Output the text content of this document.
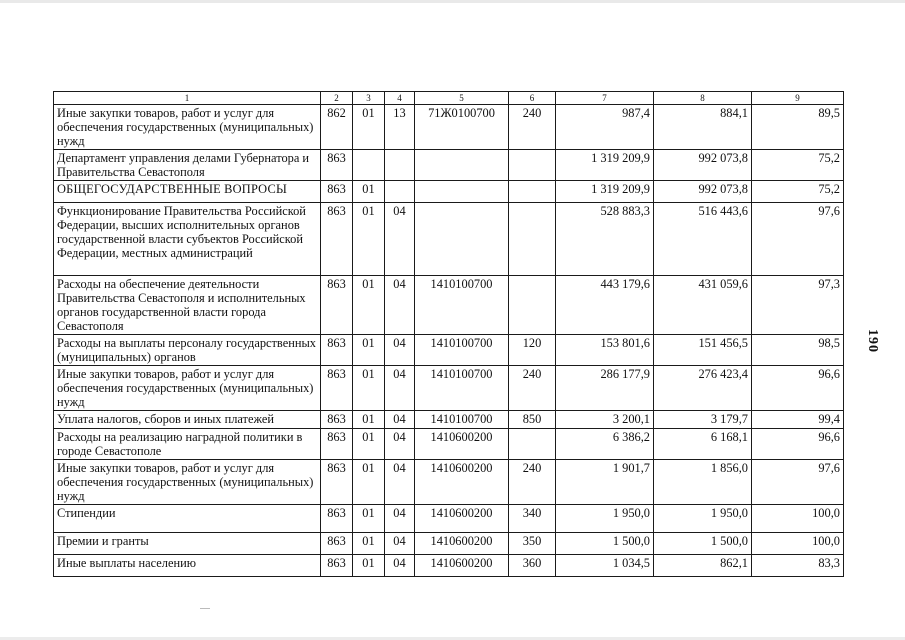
1	2	3	4	5	6	7	8	9
Иные закупки товаров, работ и услуг для обеспечения государственных (муниципальных) нужд	862	01	13	71Ж0100700	240	987,4	884,1	89,5
Департамент управления делами Губернатора и Правительства Севастополя	863					1 319 209,9	992 073,8	75,2
ОБЩЕГОСУДАРСТВЕННЫЕ ВОПРОСЫ	863	01				1 319 209,9	992 073,8	75,2
Функционирование Правительства Российской Федерации, высших исполнительных органов государственной власти субъектов Российской Федерации, местных администраций	863	01	04			528 883,3	516 443,6	97,6
Расходы на обеспечение деятельности Правительства Севастополя и исполнительных органов государственной власти города Севастополя	863	01	04	1410100700		443 179,6	431 059,6	97,3
Расходы на выплаты персоналу государственных (муниципальных) органов	863	01	04	1410100700	120	153 801,6	151 456,5	98,5
Иные закупки товаров, работ и услуг для обеспечения государственных (муниципальных) нужд	863	01	04	1410100700	240	286 177,9	276 423,4	96,6
Уплата налогов, сборов и иных платежей	863	01	04	1410100700	850	3 200,1	3 179,7	99,4
Расходы на реализацию наградной политики в городе Севастополе	863	01	04	1410600200		6 386,2	6 168,1	96,6
Иные закупки товаров, работ и услуг для обеспечения государственных (муниципальных) нужд	863	01	04	1410600200	240	1 901,7	1 856,0	97,6
Стипендии	863	01	04	1410600200	340	1 950,0	1 950,0	100,0
Премии и гранты	863	01	04	1410600200	350	1 500,0	1 500,0	100,0
Иные выплаты населению	863	01	04	1410600200	360	1 034,5	862,1	83,3
190
